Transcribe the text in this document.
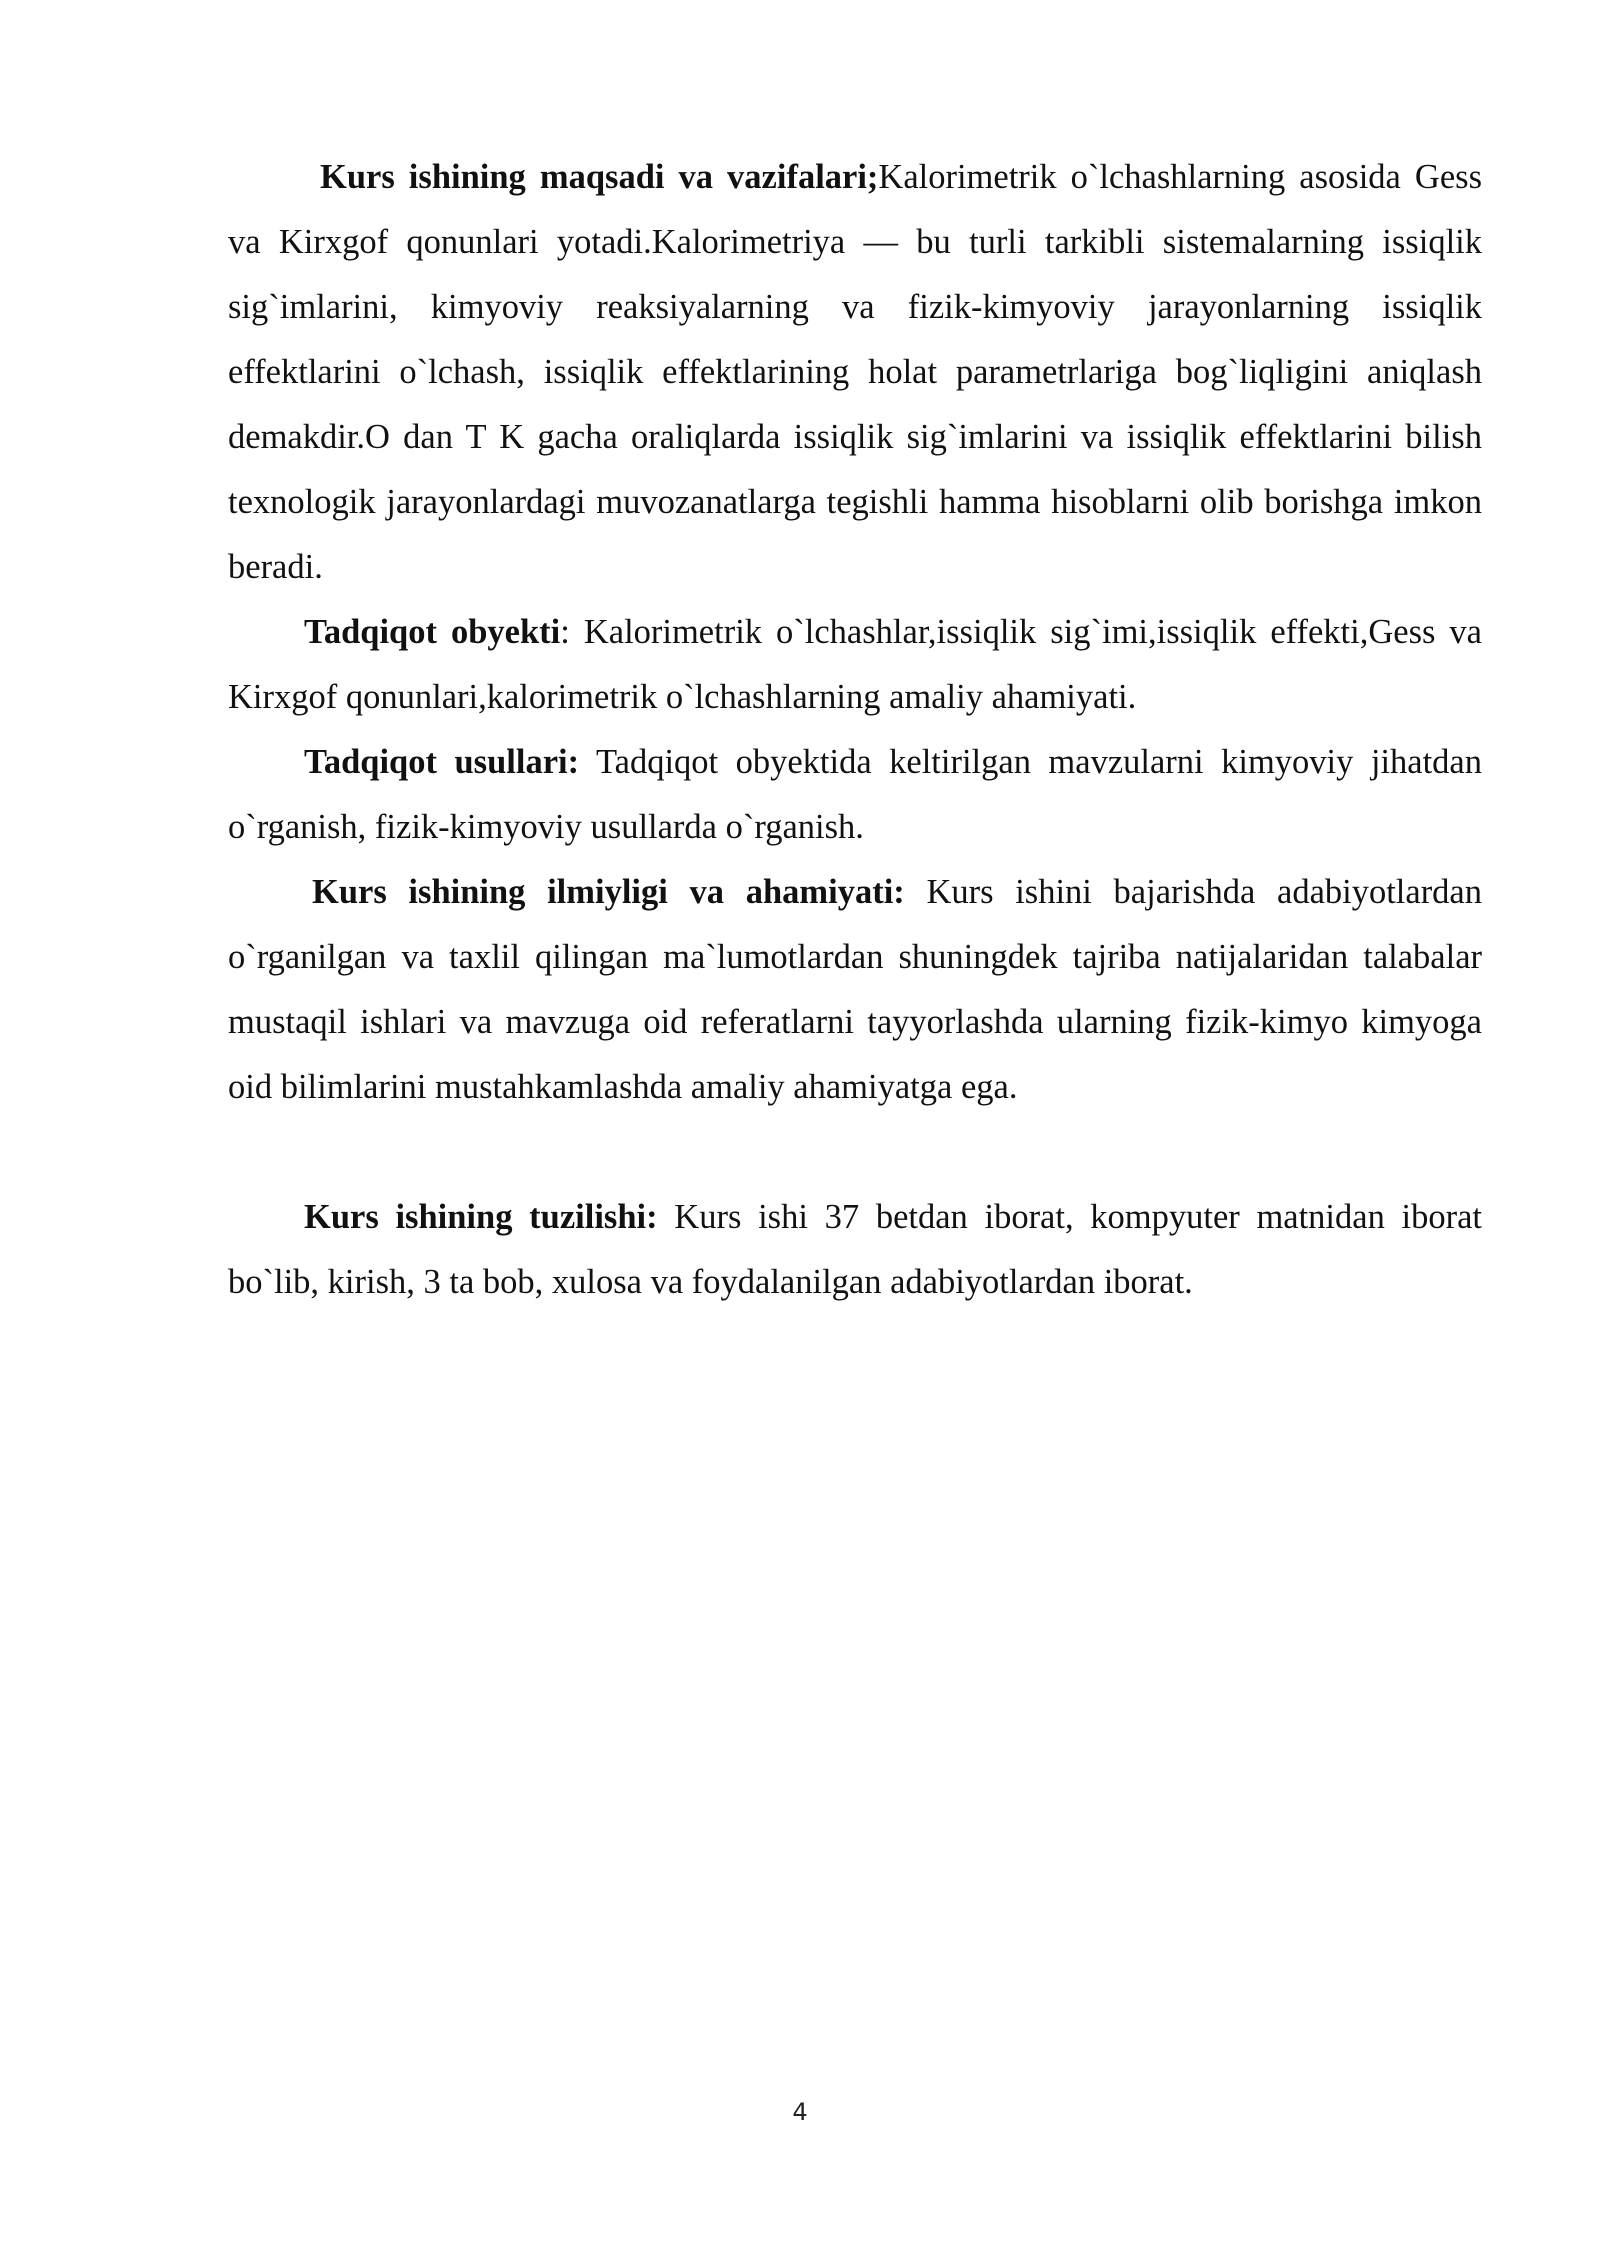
Kurs ishining maqsadi va vazifalari;Kalorimetrik o`lchashlarning asosida Gess va Kirxgof qonunlari yotadi.Kalorimetriya — bu turli tarkibli sistemalarning issiqlik sig`imlarini, kimyoviy reaksiyalarning va fizik-kimyoviy jarayonlarning issiqlik effektlarini o`lchash, issiqlik effektlarining holat parametrlariga bog`liqligini aniqlash demakdir.O dan T K gacha oraliqlarda issiqlik sig`imlarini va issiqlik effektlarini bilish texnologik jarayonlardagi muvozanatlarga tegishli hamma hisoblarni olib borishga imkon beradi.

Tadqiqot obyekti: Kalorimetrik o`lchashlar,issiqlik sig`imi,issiqlik effekti,Gess va Kirxgof qonunlari,kalorimetrik o`lchashlarning amaliy ahamiyati.

Tadqiqot usullari: Tadqiqot obyektida keltirilgan mavzularni kimyoviy jihatdan o`rganish, fizik-kimyoviy usullarda o`rganish.

Kurs ishining ilmiyligi va ahamiyati: Kurs ishini bajarishda adabiyotlardan o`rganilgan va taxlil qilingan ma`lumotlardan shuningdek tajriba natijalaridan talabalar mustaqil ishlari va mavzuga oid referatlarni tayyorlashda ularning fizik-kimyo kimyoga oid bilimlarini mustahkamlashda amaliy ahamiyatga ega.

Kurs ishining tuzilishi: Kurs ishi 37 betdan iborat, kompyuter matnidan iborat bo`lib, kirish, 3 ta bob, xulosa va foydalanilgan adabiyotlardan iborat.

4
